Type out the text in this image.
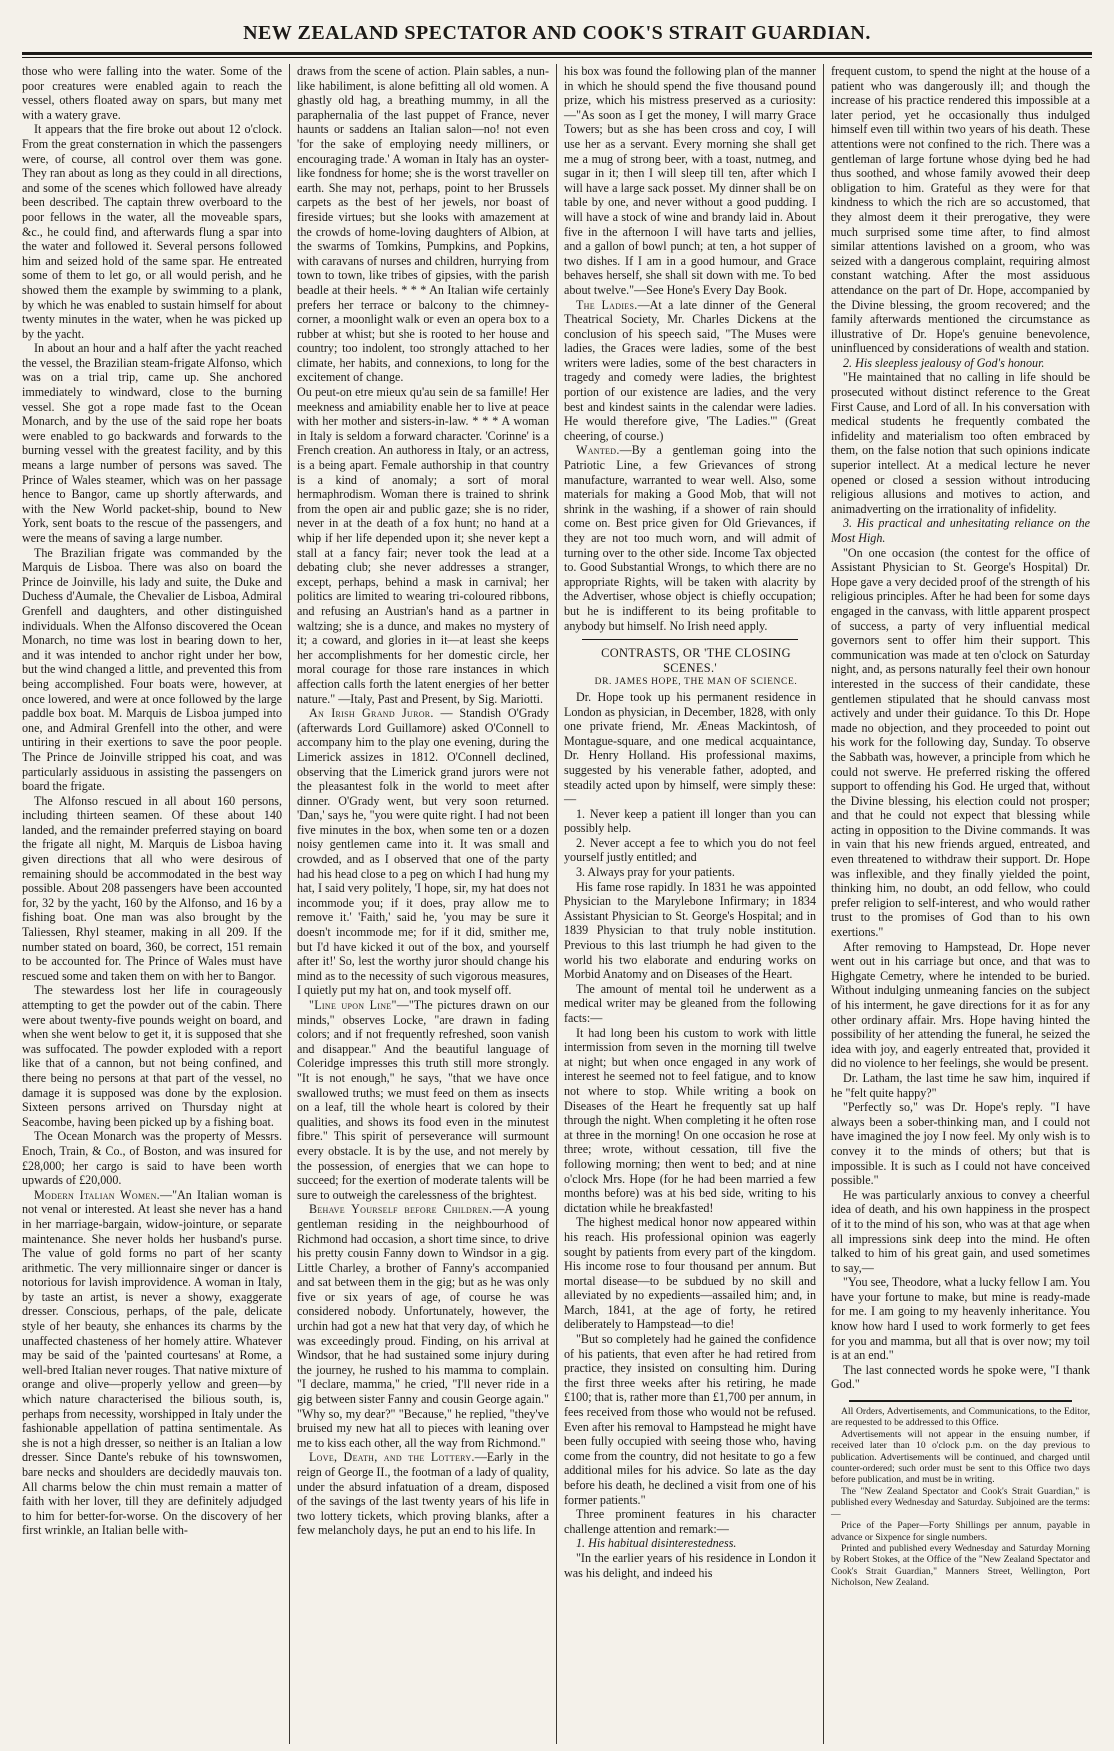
NEW ZEALAND SPECTATOR AND COOK'S STRAIT GUARDIAN.

those who were falling into the water. Some of the poor creatures were enabled again to reach the vessel, others floated away on spars, but many met with a watery grave.

It appears that the fire broke out about 12 o'clock. From the great consternation in which the passengers were, of course, all control over them was gone. They ran about as long as they could in all directions, and some of the scenes which followed have already been described. The captain threw overboard to the poor fellows in the water, all the moveable spars, &c., he could find, and afterwards flung a spar into the water and followed it. Several persons followed him and seized hold of the same spar. He entreated some of them to let go, or all would perish, and he showed them the example by swimming to a plank, by which he was enabled to sustain himself for about twenty minutes in the water, when he was picked up by the yacht.

In about an hour and a half after the yacht reached the vessel, the Brazilian steam-frigate Alfonso, which was on a trial trip, came up. She anchored immediately to windward, close to the burning vessel. She got a rope made fast to the Ocean Monarch, and by the use of the said rope her boats were enabled to go backwards and forwards to the burning vessel with the greatest facility, and by this means a large number of persons was saved. The Prince of Wales steamer, which was on her passage hence to Bangor, came up shortly afterwards, and with the New World packet-ship, bound to New York, sent boats to the rescue of the passengers, and were the means of saving a large number.

The Brazilian frigate was commanded by the Marquis de Lisboa. There was also on board the Prince de Joinville, his lady and suite, the Duke and Duchess d'Aumale, the Chevalier de Lisboa, Admiral Grenfell and daughters, and other distinguished individuals. When the Alfonso discovered the Ocean Monarch, no time was lost in bearing down to her, and it was intended to anchor right under her bow, but the wind changed a little, and prevented this from being accomplished. Four boats were, however, at once lowered, and were at once followed by the large paddle box boat. M. Marquis de Lisboa jumped into one, and Admiral Grenfell into the other, and were untiring in their exertions to save the poor people. The Prince de Joinville stripped his coat, and was particularly assiduous in assisting the passengers on board the frigate.

The Alfonso rescued in all about 160 persons, including thirteen seamen. Of these about 140 landed, and the remainder preferred staying on board the frigate all night, M. Marquis de Lisboa having given directions that all who were desirous of remaining should be accommodated in the best way possible. About 208 passengers have been accounted for, 32 by the yacht, 160 by the Alfonso, and 16 by a fishing boat. One man was also brought by the Taliessen, Rhyl steamer, making in all 209. If the number stated on board, 360, be correct, 151 remain to be accounted for. The Prince of Wales must have rescued some and taken them on with her to Bangor.

The stewardess lost her life in courageously attempting to get the powder out of the cabin. There were about twenty-five pounds weight on board, and when she went below to get it, it is supposed that she was suffocated. The powder exploded with a report like that of a cannon, but not being confined, and there being no persons at that part of the vessel, no damage it is supposed was done by the explosion. Sixteen persons arrived on Thursday night at Seacombe, having been picked up by a fishing boat.

The Ocean Monarch was the property of Messrs. Enoch, Train, & Co., of Boston, and was insured for £28,000; her cargo is said to have been worth upwards of £20,000.

Modern Italian Women.—"An Italian woman is not venal or interested. At least she never has a hand in her marriage-bargain, widow-jointure, or separate maintenance. She never holds her husband's purse. The value of gold forms no part of her scanty arithmetic. The very millionnaire singer or dancer is notorious for lavish improvidence. A woman in Italy, by taste an artist, is never a showy, exaggerate dresser. Conscious, perhaps, of the pale, delicate style of her beauty, she enhances its charms by the unaffected chasteness of her homely attire. Whatever may be said of the 'painted courtesans' at Rome, a well-bred Italian never rouges. That native mixture of orange and olive—properly yellow and green—by which nature characterised the bilious south, is, perhaps from necessity, worshipped in Italy under the fashionable appellation of pattina sentimentale. As she is not a high dresser, so neither is an Italian a low dresser. Since Dante's rebuke of his townswomen, bare necks and shoulders are decidedly mauvais ton. All charms below the chin must remain a matter of faith with her lover, till they are definitely adjudged to him for better-for-worse. On the discovery of her first wrinkle, an Italian belle with-

draws from the scene of action. Plain sables, a nun-like habiliment, is alone befitting all old women. A ghastly old hag, a breathing mummy, in all the paraphernalia of the last puppet of France, never haunts or saddens an Italian salon—no! not even 'for the sake of employing needy milliners, or encouraging trade.' A woman in Italy has an oyster-like fondness for home; she is the worst traveller on earth. She may not, perhaps, point to her Brussels carpets as the best of her jewels, nor boast of fireside virtues; but she looks with amazement at the crowds of home-loving daughters of Albion, at the swarms of Tomkins, Pumpkins, and Popkins, with caravans of nurses and children, hurrying from town to town, like tribes of gipsies, with the parish beadle at their heels. * * * An Italian wife certainly prefers her terrace or balcony to the chimney-corner, a moonlight walk or even an opera box to a rubber at whist; but she is rooted to her house and country; too indolent, too strongly attached to her climate, her habits, and connexions, to long for the excitement of change.

Ou peut-on etre mieux qu'au sein de sa famille! Her meekness and amiability enable her to live at peace with her mother and sisters-in-law. * * * A woman in Italy is seldom a forward character. 'Corinne' is a French creation. An authoress in Italy, or an actress, is a being apart. Female authorship in that country is a kind of anomaly; a sort of moral hermaphrodism. Woman there is trained to shrink from the open air and public gaze; she is no rider, never in at the death of a fox hunt; no hand at a whip if her life depended upon it; she never kept a stall at a fancy fair; never took the lead at a debating club; she never addresses a stranger, except, perhaps, behind a mask in carnival; her politics are limited to wearing tri-coloured ribbons, and refusing an Austrian's hand as a partner in waltzing; she is a dunce, and makes no mystery of it; a coward, and glories in it—at least she keeps her accomplishments for her domestic circle, her moral courage for those rare instances in which affection calls forth the latent energies of her better nature." —Italy, Past and Present, by Sig. Mariotti.

An Irish Grand Juror. — Standish O'Grady (afterwards Lord Guillamore) asked O'Connell to accompany him to the play one evening, during the Limerick assizes in 1812. O'Connell declined, observing that the Limerick grand jurors were not the pleasantest folk in the world to meet after dinner. O'Grady went, but very soon returned. 'Dan,' says he, "you were quite right. I had not been five minutes in the box, when some ten or a dozen noisy gentlemen came into it. It was small and crowded, and as I observed that one of the party had his head close to a peg on which I had hung my hat, I said very politely, 'I hope, sir, my hat does not incommode you; if it does, pray allow me to remove it.' 'Faith,' said he, 'you may be sure it doesn't incommode me; for if it did, smither me, but I'd have kicked it out of the box, and yourself after it!' So, lest the worthy juror should change his mind as to the necessity of such vigorous measures, I quietly put my hat on, and took myself off.

"Line upon Line"—"The pictures drawn on our minds," observes Locke, "are drawn in fading colors; and if not frequently refreshed, soon vanish and disappear." And the beautiful language of Coleridge impresses this truth still more strongly. "It is not enough," he says, "that we have once swallowed truths; we must feed on them as insects on a leaf, till the whole heart is colored by their qualities, and shows its food even in the minutest fibre." This spirit of perseverance will surmount every obstacle. It is by the use, and not merely by the possession, of energies that we can hope to succeed; for the exertion of moderate talents will be sure to outweigh the carelessness of the brightest.

Behave Yourself before Children.—A young gentleman residing in the neighbourhood of Richmond had occasion, a short time since, to drive his pretty cousin Fanny down to Windsor in a gig. Little Charley, a brother of Fanny's accompanied and sat between them in the gig; but as he was only five or six years of age, of course he was considered nobody. Unfortunately, however, the urchin had got a new hat that very day, of which he was exceedingly proud. Finding, on his arrival at Windsor, that he had sustained some injury during the journey, he rushed to his mamma to complain. "I declare, mamma," he cried, "I'll never ride in a gig between sister Fanny and cousin George again." "Why so, my dear?" "Because," he replied, "they've bruised my new hat all to pieces with leaning over me to kiss each other, all the way from Richmond."

Love, Death, and the Lottery.—Early in the reign of George II., the footman of a lady of quality, under the absurd infatuation of a dream, disposed of the savings of the last twenty years of his life in two lottery tickets, which proving blanks, after a few melancholy days, he put an end to his life. In

his box was found the following plan of the manner in which he should spend the five thousand pound prize, which his mistress preserved as a curiosity:—"As soon as I get the money, I will marry Grace Towers; but as she has been cross and coy, I will use her as a servant. Every morning she shall get me a mug of strong beer, with a toast, nutmeg, and sugar in it; then I will sleep till ten, after which I will have a large sack posset. My dinner shall be on table by one, and never without a good pudding. I will have a stock of wine and brandy laid in. About five in the afternoon I will have tarts and jellies, and a gallon of bowl punch; at ten, a hot supper of two dishes. If I am in a good humour, and Grace behaves herself, she shall sit down with me. To bed about twelve."—See Hone's Every Day Book.

The Ladies.—At a late dinner of the General Theatrical Society, Mr. Charles Dickens at the conclusion of his speech said, "The Muses were ladies, the Graces were ladies, some of the best writers were ladies, some of the best characters in tragedy and comedy were ladies, the brightest portion of our existence are ladies, and the very best and kindest saints in the calendar were ladies. He would therefore give, 'The Ladies.'" (Great cheering, of course.)

Wanted.—By a gentleman going into the Patriotic Line, a few Grievances of strong manufacture, warranted to wear well. Also, some materials for making a Good Mob, that will not shrink in the washing, if a shower of rain should come on. Best price given for Old Grievances, if they are not too much worn, and will admit of turning over to the other side. Income Tax objected to. Good Substantial Wrongs, to which there are no appropriate Rights, will be taken with alacrity by the Advertiser, whose object is chiefly occupation; but he is indifferent to its being profitable to anybody but himself. No Irish need apply.

CONTRASTS, OR 'THE CLOSING SCENES.'

DR. JAMES HOPE, THE MAN OF SCIENCE.

Dr. Hope took up his permanent residence in London as physician, in December, 1828, with only one private friend, Mr. Æneas Mackintosh, of Montague-square, and one medical acquaintance, Dr. Henry Holland. His professional maxims, suggested by his venerable father, adopted, and steadily acted upon by himself, were simply these:—

1. Never keep a patient ill longer than you can possibly help.

2. Never accept a fee to which you do not feel yourself justly entitled; and

3. Always pray for your patients.

His fame rose rapidly. In 1831 he was appointed Physician to the Marylebone Infirmary; in 1834 Assistant Physician to St. George's Hospital; and in 1839 Physician to that truly noble institution. Previous to this last triumph he had given to the world his two elaborate and enduring works on Morbid Anatomy and on Diseases of the Heart.

The amount of mental toil he underwent as a medical writer may be gleaned from the following facts:—

It had long been his custom to work with little intermission from seven in the morning till twelve at night; but when once engaged in any work of interest he seemed not to feel fatigue, and to know not where to stop. While writing a book on Diseases of the Heart he frequently sat up half through the night. When completing it he often rose at three in the morning! On one occasion he rose at three; wrote, without cessation, till five the following morning; then went to bed; and at nine o'clock Mrs. Hope (for he had been married a few months before) was at his bed side, writing to his dictation while he breakfasted!

The highest medical honor now appeared within his reach. His professional opinion was eagerly sought by patients from every part of the kingdom. His income rose to four thousand per annum. But mortal disease—to be subdued by no skill and alleviated by no expedients—assailed him; and, in March, 1841, at the age of forty, he retired deliberately to Hampstead—to die!

"But so completely had he gained the confidence of his patients, that even after he had retired from practice, they insisted on consulting him. During the first three weeks after his retiring, he made £100; that is, rather more than £1,700 per annum, in fees received from those who would not be refused. Even after his removal to Hampstead he might have been fully occupied with seeing those who, having come from the country, did not hesitate to go a few additional miles for his advice. So late as the day before his death, he declined a visit from one of his former patients."

Three prominent features in his character challenge attention and remark:—

1. His habitual disinterestedness.

"In the earlier years of his residence in London it was his delight, and indeed his

frequent custom, to spend the night at the house of a patient who was dangerously ill; and though the increase of his practice rendered this impossible at a later period, yet he occasionally thus indulged himself even till within two years of his death. These attentions were not confined to the rich. There was a gentleman of large fortune whose dying bed he had thus soothed, and whose family avowed their deep obligation to him. Grateful as they were for that kindness to which the rich are so accustomed, that they almost deem it their prerogative, they were much surprised some time after, to find almost similar attentions lavished on a groom, who was seized with a dangerous complaint, requiring almost constant watching. After the most assiduous attendance on the part of Dr. Hope, accompanied by the Divine blessing, the groom recovered; and the family afterwards mentioned the circumstance as illustrative of Dr. Hope's genuine benevolence, uninfluenced by considerations of wealth and station.

2. His sleepless jealousy of God's honour.

"He maintained that no calling in life should be prosecuted without distinct reference to the Great First Cause, and Lord of all. In his conversation with medical students he frequently combated the infidelity and materialism too often embraced by them, on the false notion that such opinions indicate superior intellect. At a medical lecture he never opened or closed a session without introducing religious allusions and motives to action, and animadverting on the irrationality of infidelity.

3. His practical and unhesitating reliance on the Most High.

"On one occasion (the contest for the office of Assistant Physician to St. George's Hospital) Dr. Hope gave a very decided proof of the strength of his religious principles. After he had been for some days engaged in the canvass, with little apparent prospect of success, a party of very influential medical governors sent to offer him their support. This communication was made at ten o'clock on Saturday night, and, as persons naturally feel their own honour interested in the success of their candidate, these gentlemen stipulated that he should canvass most actively and under their guidance. To this Dr. Hope made no objection, and they proceeded to point out his work for the following day, Sunday. To observe the Sabbath was, however, a principle from which he could not swerve. He preferred risking the offered support to offending his God. He urged that, without the Divine blessing, his election could not prosper; and that he could not expect that blessing while acting in opposition to the Divine commands. It was in vain that his new friends argued, entreated, and even threatened to withdraw their support. Dr. Hope was inflexible, and they finally yielded the point, thinking him, no doubt, an odd fellow, who could prefer religion to self-interest, and who would rather trust to the promises of God than to his own exertions."

After removing to Hampstead, Dr. Hope never went out in his carriage but once, and that was to Highgate Cemetry, where he intended to be buried. Without indulging unmeaning fancies on the subject of his interment, he gave directions for it as for any other ordinary affair. Mrs. Hope having hinted the possibility of her attending the funeral, he seized the idea with joy, and eagerly entreated that, provided it did no violence to her feelings, she would be present.

Dr. Latham, the last time he saw him, inquired if he "felt quite happy?"

"Perfectly so," was Dr. Hope's reply. "I have always been a sober-thinking man, and I could not have imagined the joy I now feel. My only wish is to convey it to the minds of others; but that is impossible. It is such as I could not have conceived possible."

He was particularly anxious to convey a cheerful idea of death, and his own happiness in the prospect of it to the mind of his son, who was at that age when all impressions sink deep into the mind. He often talked to him of his great gain, and used sometimes to say,—

"You see, Theodore, what a lucky fellow I am. You have your fortune to make, but mine is ready-made for me. I am going to my heavenly inheritance. You know how hard I used to work formerly to get fees for you and mamma, but all that is over now; my toil is at an end."

The last connected words he spoke were, "I thank God."

All Orders, Advertisements, and Communications, to the Editor, are requested to be addressed to this Office.

Advertisements will not appear in the ensuing number, if received later than 10 o'clock p.m. on the day previous to publication. Advertisements will be continued, and charged until counter-ordered; such order must be sent to this Office two days before publication, and must be in writing.

The "New Zealand Spectator and Cook's Strait Guardian," is published every Wednesday and Saturday. Subjoined are the terms:—

Price of the Paper—Forty Shillings per annum, payable in advance or Sixpence for single numbers.

Printed and published every Wednesday and Saturday Morning by Robert Stokes, at the Office of the "New Zealand Spectator and Cook's Strait Guardian," Manners Street, Wellington, Port Nicholson, New Zealand.
